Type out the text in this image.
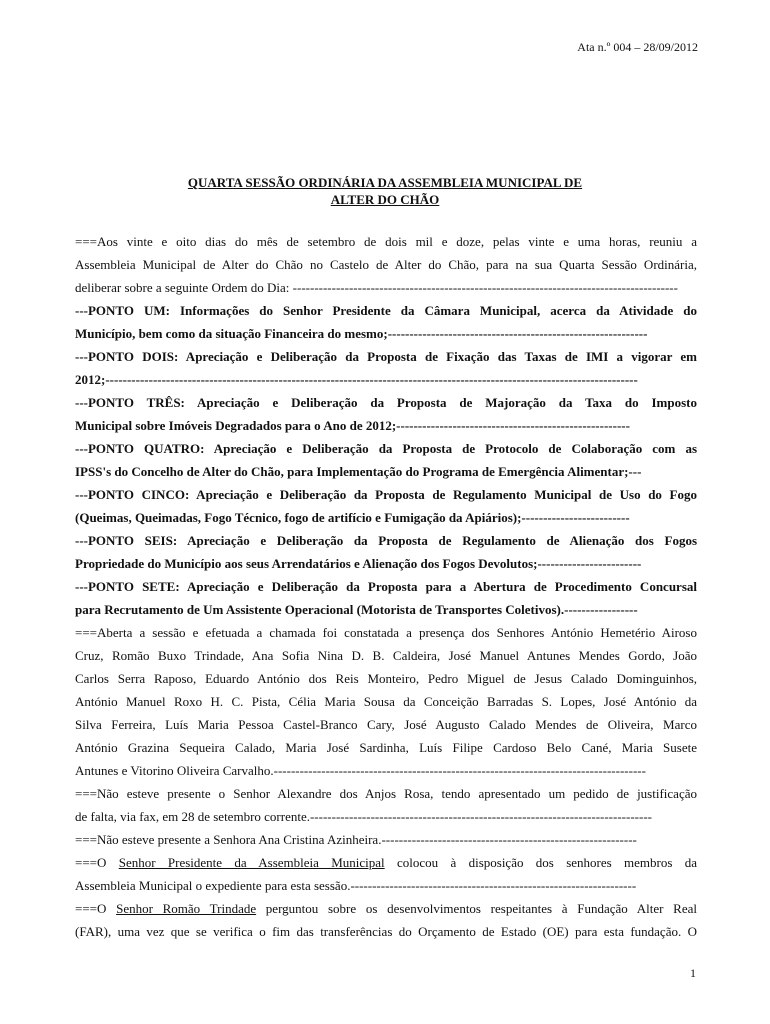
Ata n.º 004 – 28/09/2012
QUARTA SESSÃO ORDINÁRIA DA ASSEMBLEIA MUNICIPAL DE
ALTER DO CHÃO

===Aos vinte e oito dias do mês de setembro de dois mil e doze, pelas vinte e uma horas, reuniu a
Assembleia Municipal de Alter do Chão no Castelo de Alter do Chão, para na sua Quarta Sessão Ordinária,
deliberar sobre a seguinte Ordem do Dia: -----------------------------------------------------------------------------------------

---PONTO UM: Informações do Senhor Presidente da Câmara Municipal, acerca da Atividade do
Município, bem como da situação Financeira do mesmo;------------------------------------------------------------

---PONTO DOIS: Apreciação e Deliberação da Proposta de Fixação das Taxas de IMI a vigorar em
2012;---------------------------------------------------------------------------------------------------------------------------

---PONTO TRÊS: Apreciação e Deliberação da Proposta de Majoração da Taxa do Imposto
Municipal sobre Imóveis Degradados para o Ano de 2012;------------------------------------------------------

---PONTO QUATRO: Apreciação e Deliberação da Proposta de Protocolo de Colaboração com as
IPSS's do Concelho de Alter do Chão, para Implementação do Programa de Emergência Alimentar;---

---PONTO CINCO: Apreciação e Deliberação da Proposta de Regulamento Municipal de Uso do Fogo
(Queimas, Queimadas, Fogo Técnico, fogo de artifício e Fumigação da Apiários);-------------------------

---PONTO SEIS: Apreciação e Deliberação da Proposta de Regulamento de Alienação dos Fogos
Propriedade do Município aos seus Arrendatários e Alienação dos Fogos Devolutos;------------------------

---PONTO SETE: Apreciação e Deliberação da Proposta para a Abertura de Procedimento Concursal
para Recrutamento de Um Assistente Operacional (Motorista de Transportes Coletivos).-----------------

===Aberta a sessão e efetuada a chamada foi constatada a presença dos Senhores António Hemetério Airoso
Cruz, Romão Buxo Trindade, Ana Sofia Nina D. B. Caldeira, José Manuel Antunes Mendes Gordo, João
Carlos Serra Raposo, Eduardo António dos Reis Monteiro, Pedro Miguel de Jesus Calado Dominguinhos,
António Manuel Roxo H. C. Pista, Célia Maria Sousa da Conceição Barradas S. Lopes, José António da
Silva Ferreira, Luís Maria Pessoa Castel-Branco Cary, José Augusto Calado Mendes de Oliveira, Marco
António Grazina Sequeira Calado, Maria José Sardinha, Luís Filipe Cardoso Belo Cané, Maria Susete
Antunes e Vitorino Oliveira Carvalho.--------------------------------------------------------------------------------------

===Não esteve presente o Senhor Alexandre dos Anjos Rosa, tendo apresentado um pedido de justificação
de falta, via fax, em 28 de setembro corrente.-------------------------------------------------------------------------------

===Não esteve presente a Senhora Ana Cristina Azinheira.-----------------------------------------------------------

===O Senhor Presidente da Assembleia Municipal colocou à disposição dos senhores membros da
Assembleia Municipal o expediente para esta sessão.------------------------------------------------------------------

===O Senhor Romão Trindade perguntou sobre os desenvolvimentos respeitantes à Fundação Alter Real
(FAR), uma vez que se verifica o fim das transferências do Orçamento de Estado (OE) para esta fundação. O

1
